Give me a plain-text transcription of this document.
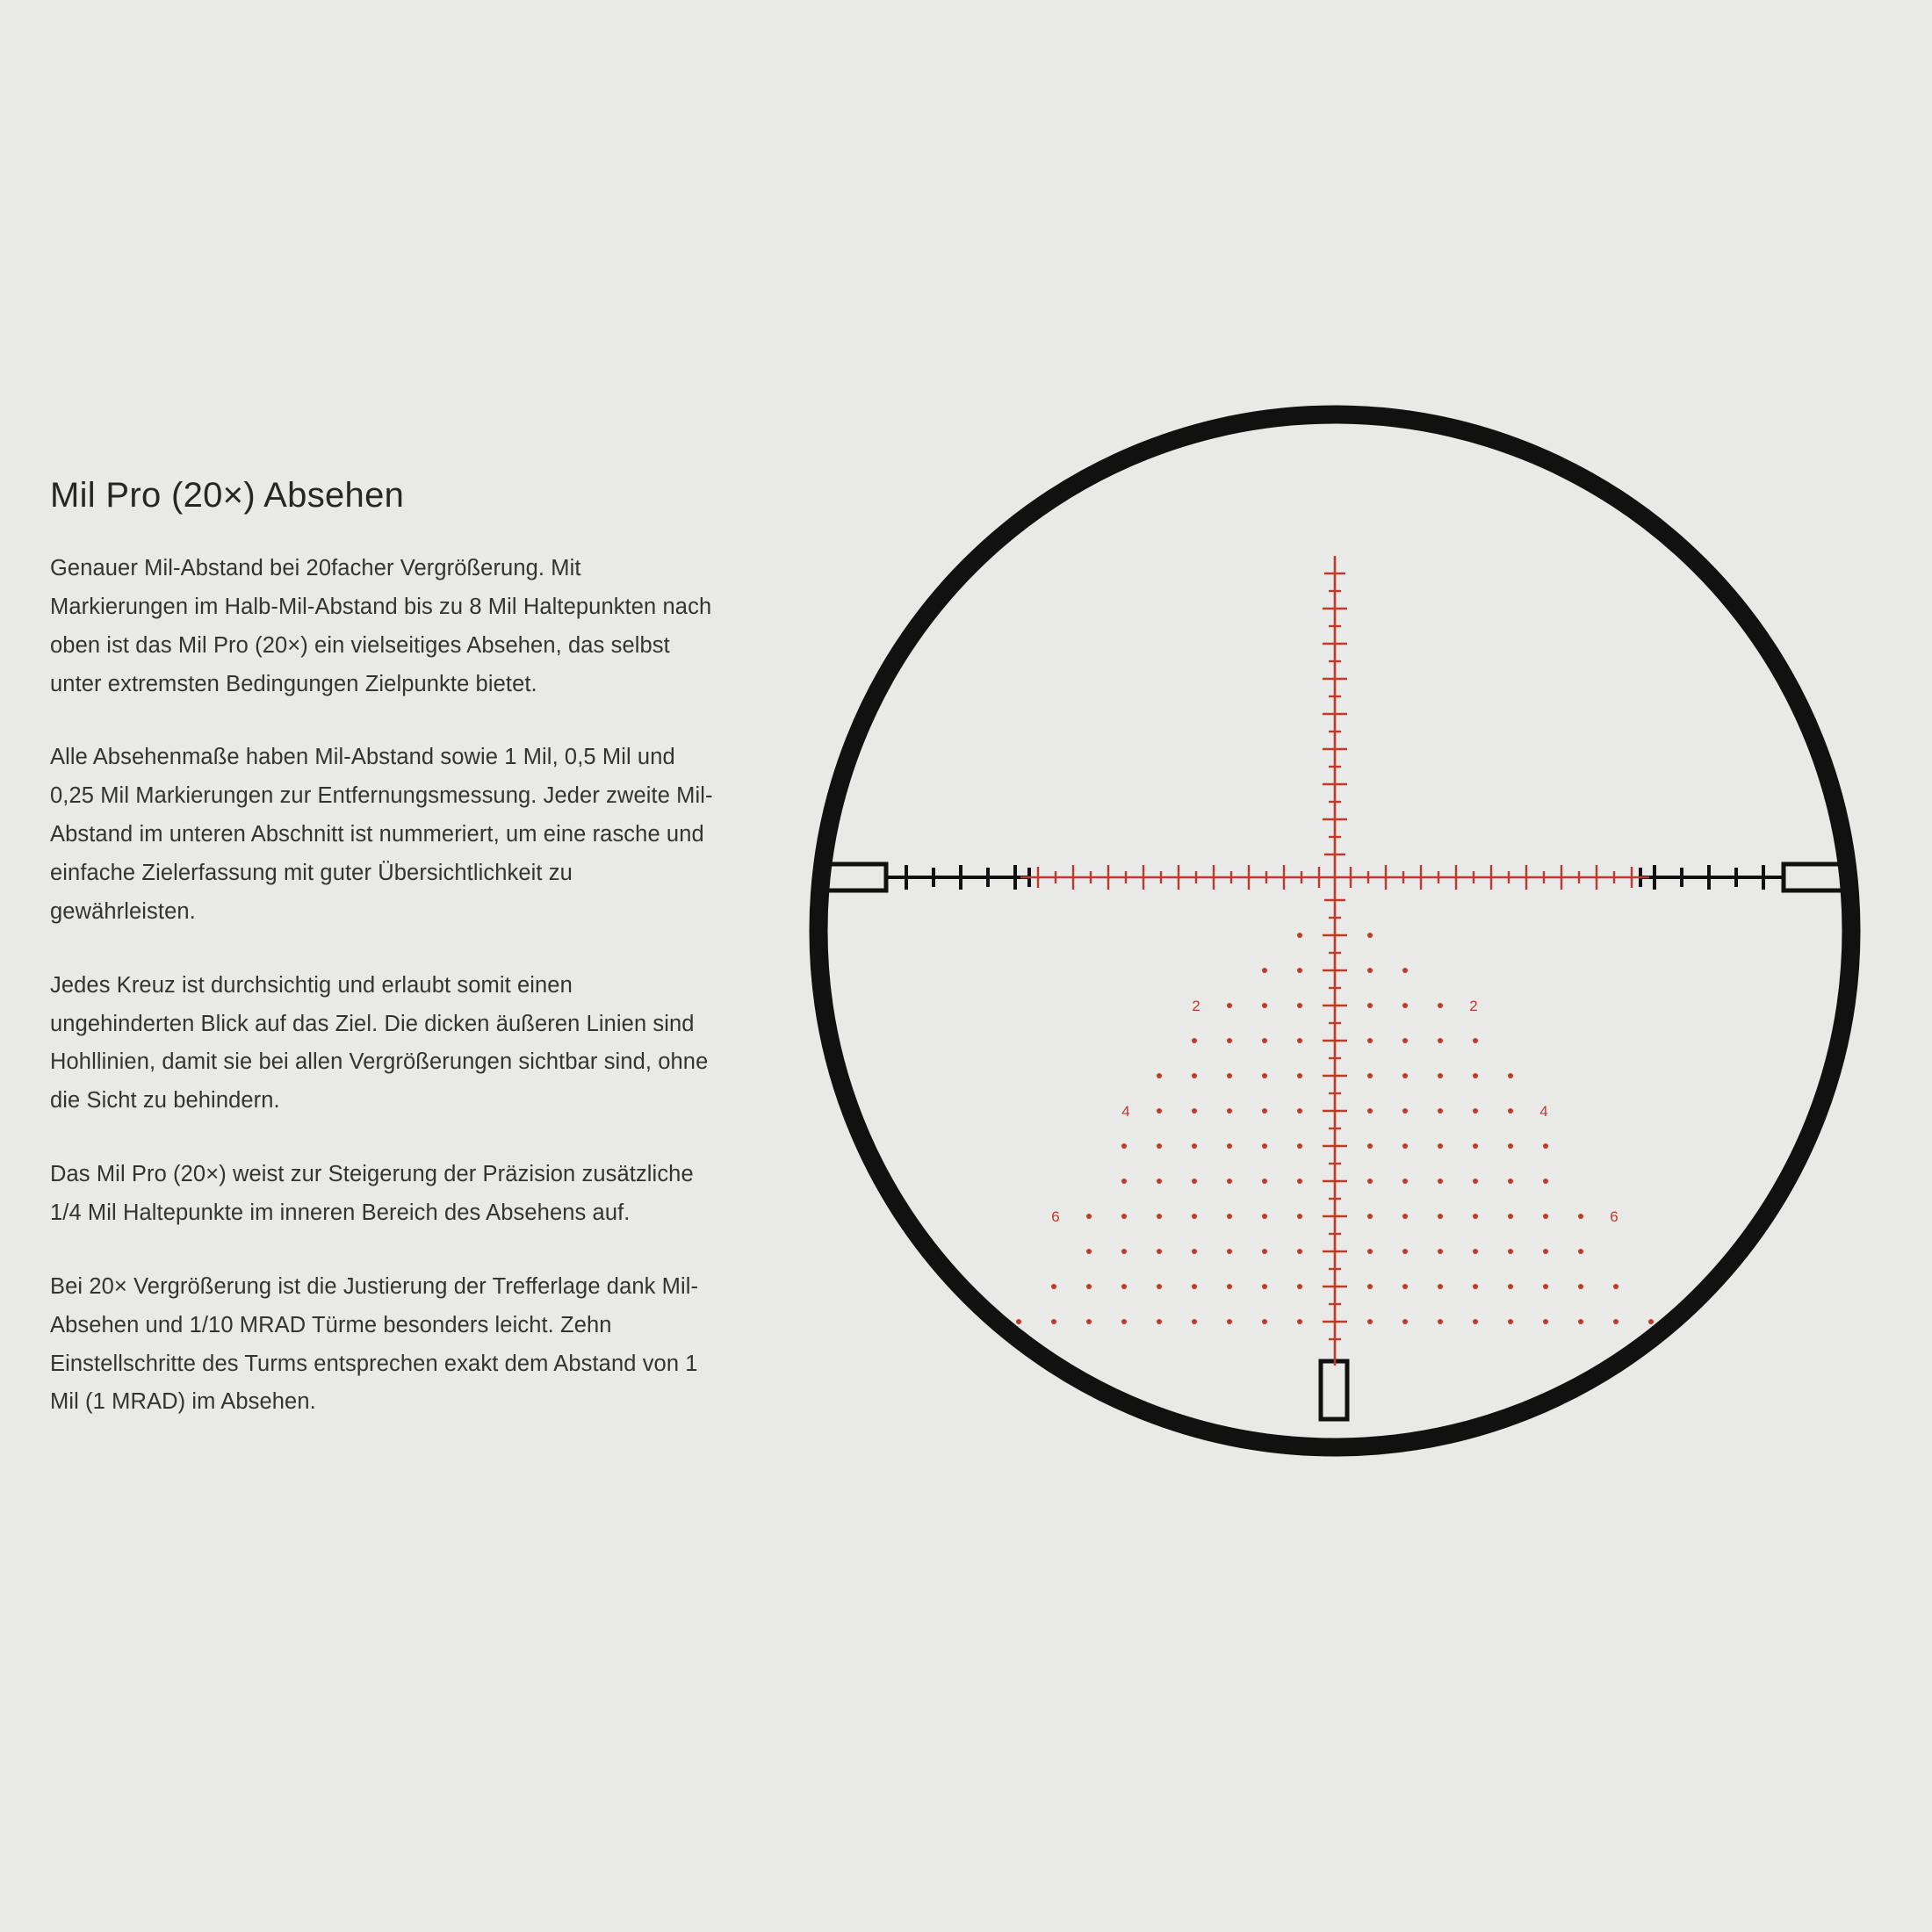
Mil Pro (20×) Absehen

Genauer Mil-Abstand bei 20facher Vergrößerung. Mit Markierungen im Halb-Mil-Abstand bis zu 8 Mil Haltepunkten nach oben ist das Mil Pro (20×) ein vielseitiges Absehen, das selbst unter extremsten Bedingungen Zielpunkte bietet.

Alle Absehenmaße haben Mil-Abstand sowie 1 Mil, 0,5 Mil und 0,25 Mil Markierungen zur Entfernungsmessung. Jeder zweite Mil-Abstand im unteren Abschnitt ist nummeriert, um eine rasche und einfache Zielerfassung mit guter Übersichtlichkeit zu gewährleisten.

Jedes Kreuz ist durchsichtig und erlaubt somit einen ungehinderten Blick auf das Ziel. Die dicken äußeren Linien sind Hohllinien, damit sie bei allen Vergrößerungen sichtbar sind, ohne die Sicht zu behindern.

Das Mil Pro (20×) weist zur Steigerung der Präzision zusätzliche 1/4 Mil Haltepunkte im inneren Bereich des Absehens auf.

Bei 20× Vergrößerung ist die Justierung der Trefferlage dank Mil-Absehen und 1/10 MRAD Türme besonders leicht. Zehn Einstellschritte des Turms entsprechen exakt dem Abstand von 1 Mil (1 MRAD) im Absehen.

2	2
4	4
6	6
